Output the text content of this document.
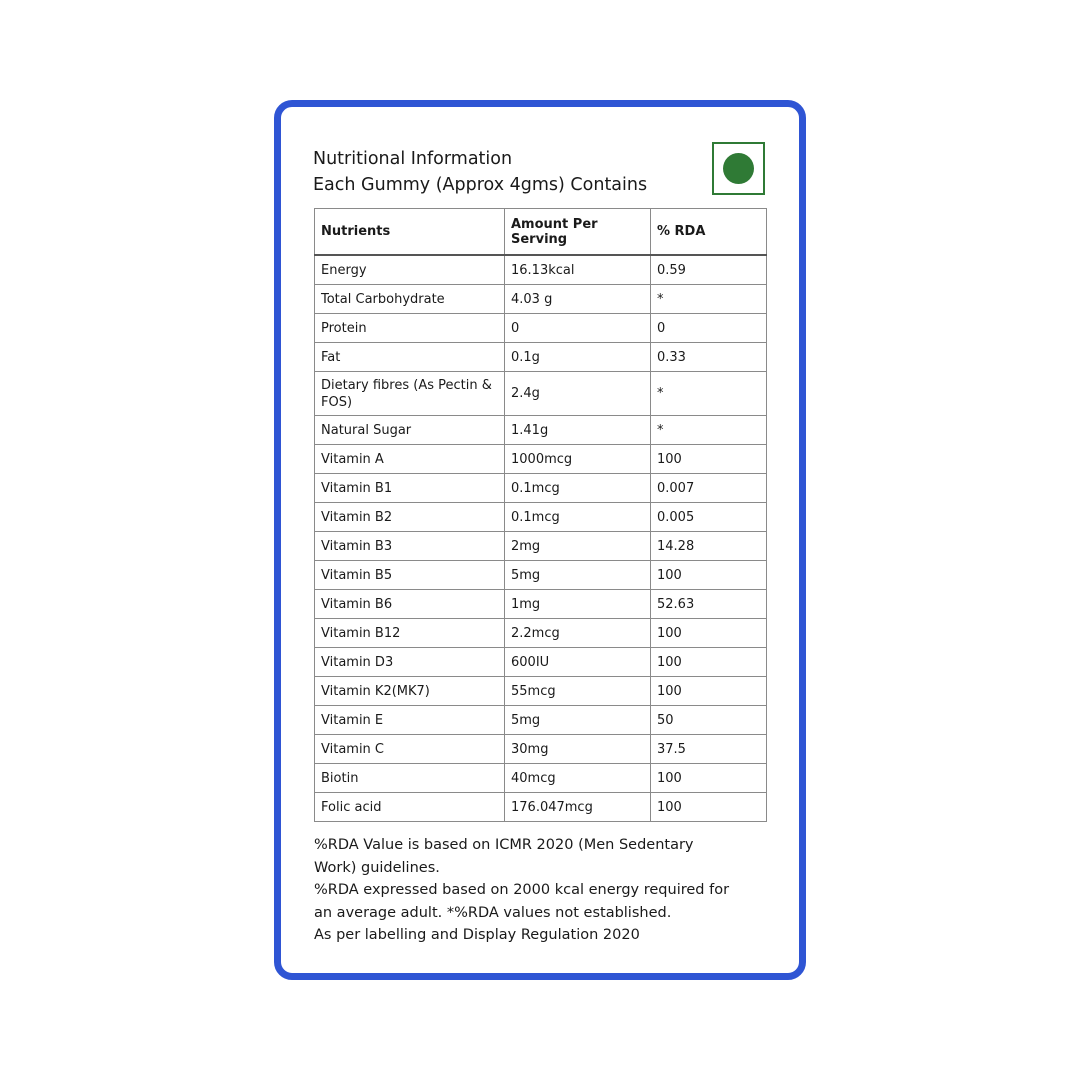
Nutritional Information
Each Gummy (Approx 4gms) Contains
Nutrients	Amount Per Serving	% RDA
Energy	16.13kcal	0.59
Total Carbohydrate	4.03 g	*
Protein	0	0
Fat	0.1g	0.33
Dietary fibres (As Pectin & FOS)	2.4g	*
Natural Sugar	1.41g	*
Vitamin A	1000mcg	100
Vitamin B1	0.1mcg	0.007
Vitamin B2	0.1mcg	0.005
Vitamin B3	2mg	14.28
Vitamin B5	5mg	100
Vitamin B6	1mg	52.63
Vitamin B12	2.2mcg	100
Vitamin D3	600IU	100
Vitamin K2(MK7)	55mcg	100
Vitamin E	5mg	50
Vitamin C	30mg	37.5
Biotin	40mcg	100
Folic acid	176.047mcg	100
%RDA Value is based on ICMR 2020 (Men Sedentary
Work) guidelines.
%RDA expressed based on 2000 kcal energy required for
an average adult. *%RDA values not established.
As per labelling and Display Regulation 2020
